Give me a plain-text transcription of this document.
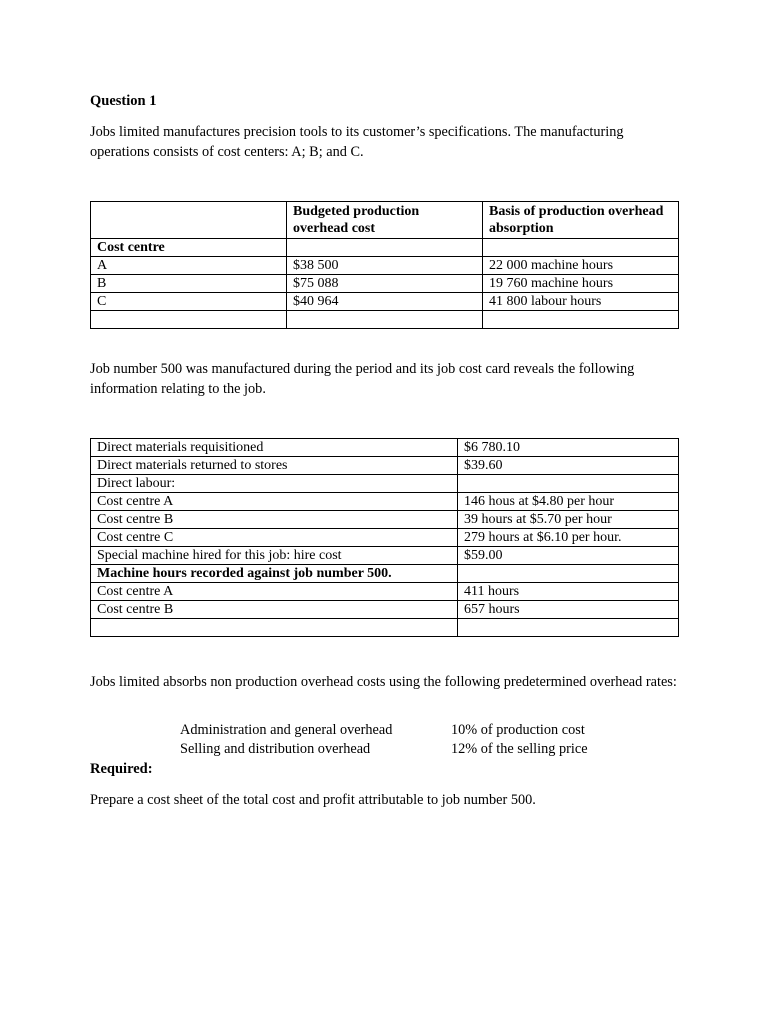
Question 1
Jobs limited manufactures precision tools to its customer’s specifications. The manufacturing operations consists of cost centers: A; B; and C.
	Budgeted production overhead cost	Basis of production overhead absorption
Cost centre		
A	$38 500	22 000 machine hours
B	$75 088	19 760 machine hours
C	$40 964	41 800 labour hours

Job number 500 was manufactured during the period and its job cost card reveals the following information relating to the job.
Direct materials requisitioned	$6 780.10
Direct materials returned to stores	$39.60
Direct labour:	
Cost centre A	146 hous at $4.80 per hour
Cost centre B	39 hours at $5.70 per hour
Cost centre C	279 hours at $6.10 per hour.
Special machine hired for this job: hire cost	$59.00
Machine hours recorded against job number 500.	
Cost centre A	411 hours
Cost centre B	657 hours

Jobs limited absorbs non production overhead costs using the following predetermined overhead rates:
Administration and general overhead	10% of production cost
Selling and distribution overhead	12% of the selling price
Required:
Prepare a cost sheet of the total cost and profit attributable to job number 500.
